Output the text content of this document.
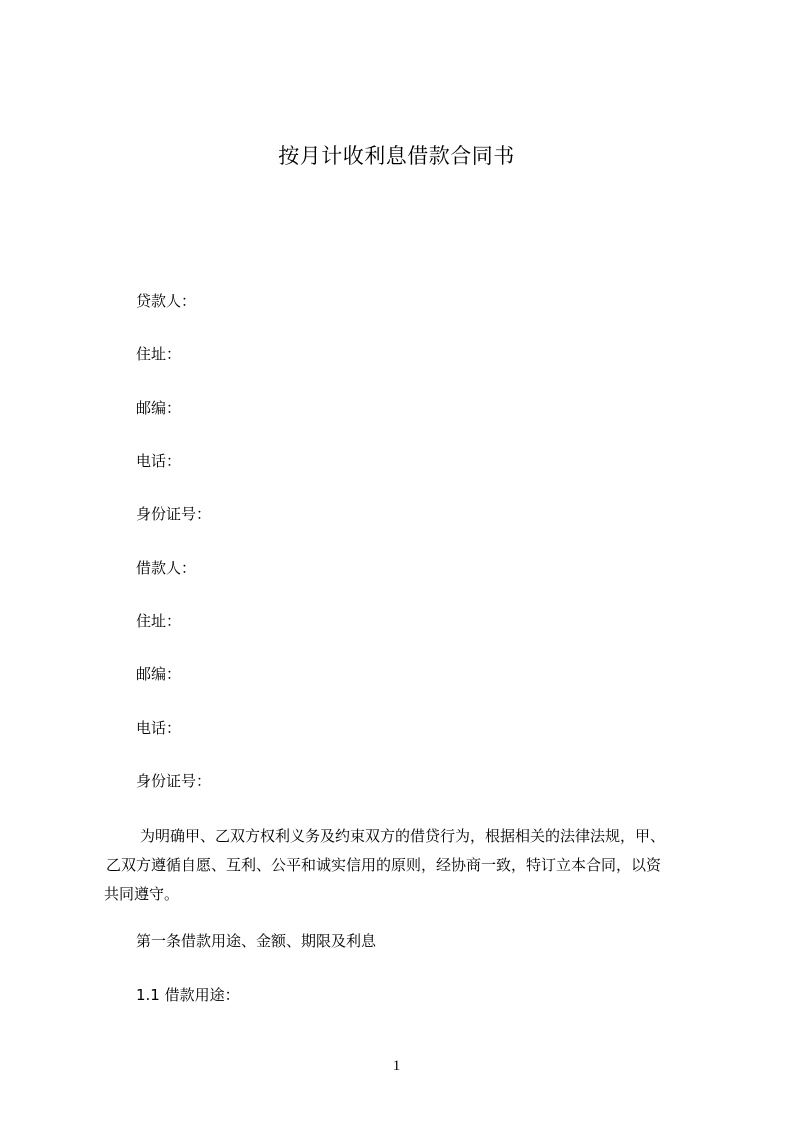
按月计收利息借款合同书
贷款人：
住址：
邮编：
电话：
身份证号：
借款人：
住址：
邮编：
电话：
身份证号：
为明确甲、乙双方权利义务及约束双方的借贷行为，根据相关的法律法规，甲、
乙双方遵循自愿、互利、公平和诚实信用的原则，经协商一致，特订立本合同，以资
共同遵守。
第一条借款用途、金额、期限及利息
1.1 借款用途：
1
